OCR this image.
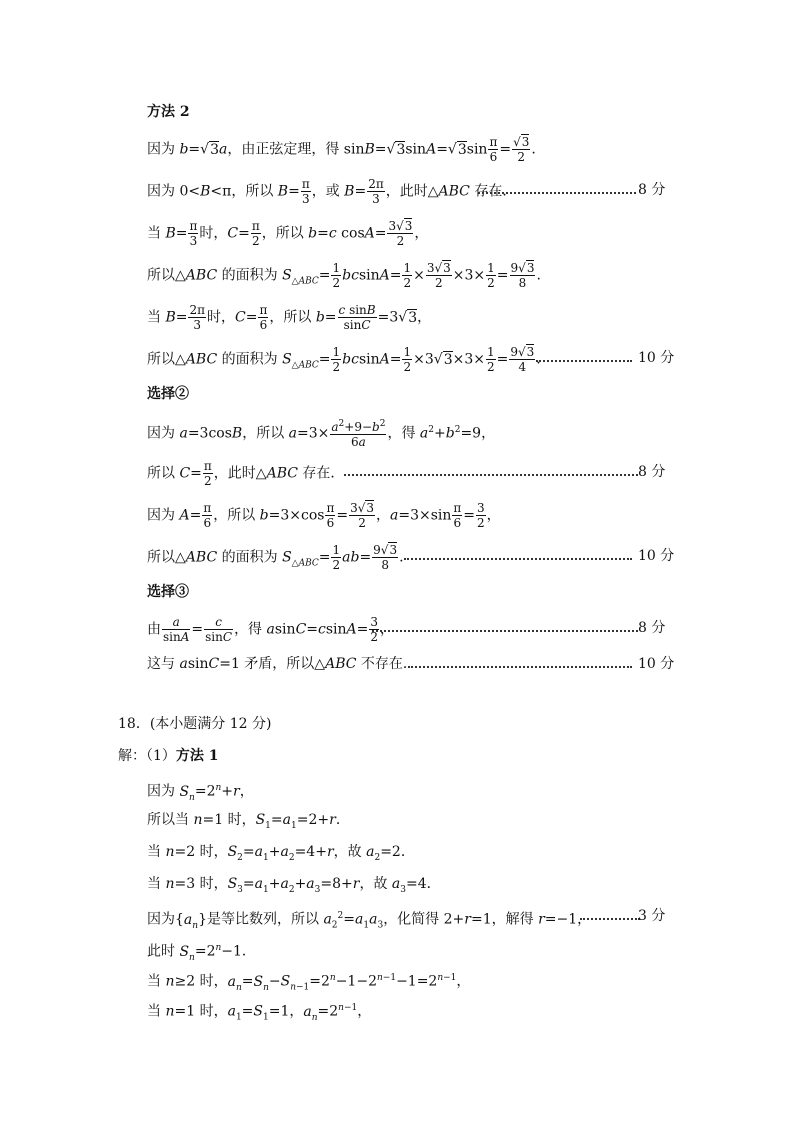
方法 2
因为 b=√3a，由正弦定理，得 $\sin B=√3\sin A=√3\sin \frac{\pi}{6} = \frac{√3}{2}$ .
因为 0<B<π，所以 $B= \frac{\pi}{3}$ ，或 $B= \frac{2\pi}{3}$ ，此时△ABC 存在．	8 分
当 $B= \frac{\pi}{3}$ 时，$C= \frac{\pi}{2}$ ，所以 b=c $\cos A= \frac{3√3}{2}$ ，
所以△ABC 的面积为 $S_{\triangle ABC}= \frac{1}{2} bcsinA= \frac{1}{2} \times \frac{3√3}{2} \times 3\times \frac{1}{2} = \frac{9√3}{8}$ .
当 $B= \frac{2\pi}{3}$ 时，$C= \frac{\pi}{6}$ ，所以 $b= \frac{\text{c sinB}}{\sin C} =3√3$，
所以△ABC 的面积为 $S_{\triangle ABC}= \frac{1}{2} bcsinA= \frac{1}{2} \times 3√3\times 3\times \frac{1}{2} = \frac{9√3}{4}$ .	10 分
选择②
因为 a=3cosB，所以 $a=3\times \frac{a^2+9-b^2}{6a}$ ，得 $a^2+b^2=9$，
所以 $C= \frac{\pi}{2}$ ，此时△ABC 存在．	8 分
因为 $A= \frac{\pi}{6}$ ，所以 $b=3\times\cos \frac{\pi}{6} = \frac{3√3}{2}$ ，$a=3\times\sin \frac{\pi}{6} = \frac{3}{2}$ ，
所以△ABC 的面积为 $S_{\triangle ABC}= \frac{1}{2} ab= \frac{9√3}{8}$ .	10 分
选择③
由 $\frac{a}{\sin A} = \frac{c}{\sin C}$ ，得 $asinC=csinA= \frac{3}{2}$ ，	8 分
这与 asinC=1 矛盾，所以△ABC 不存在．	10 分
18．(本小题满分 12 分)
解：（1）方法 1
因为 $S_n=2^n+r$，
所以当 n=1 时，$S_1=a_1=2+r$．
当 n=2 时，$S_2=a_1+a_2=4+r$，故 $a_2=2$．
当 n=3 时，$S_3=a_1+a_2+a_3=8+r$，故 $a_3=4$．
因为$\{a_n\}$是等比数列，所以 $a_2^2=a_1a_3$，化简得 2+r=1，解得 r=−1，	3 分
此时 $S_n=2^n-1$．
当 n≥2 时，$a_n=S_n-S_{n-1}=2^n-1-2^{n-1}-1=2^{n-1}$，
当 n=1 时，$a_1=S_1=1$，$a_n=2^{n-1}$，
